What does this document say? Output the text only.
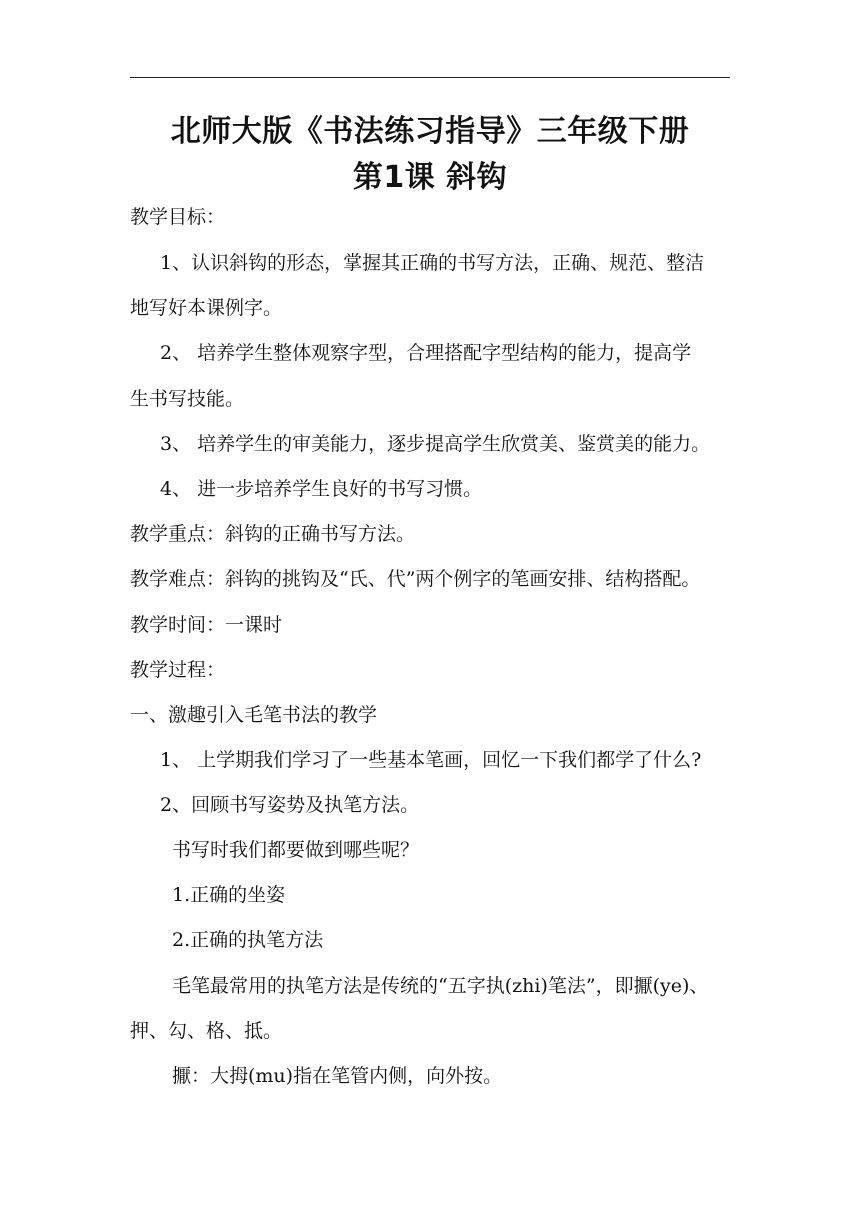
北师大版《书法练习指导》三年级下册
第1课 斜钩
教学目标：
1、认识斜钩的形态，掌握其正确的书写方法，正确、规范、整洁
地写好本课例字。
2、 培养学生整体观察字型，合理搭配字型结构的能力，提高学
生书写技能。
3、 培养学生的审美能力，逐步提高学生欣赏美、鉴赏美的能力。
4、 进一步培养学生良好的书写习惯。
教学重点：斜钩的正确书写方法。
教学难点：斜钩的挑钩及“氏、代”两个例字的笔画安排、结构搭配。
教学时间：一课时
教学过程：
一、激趣引入毛笔书法的教学
1、 上学期我们学习了一些基本笔画，回忆一下我们都学了什么?
2、回顾书写姿势及执笔方法。
书写时我们都要做到哪些呢？
1.正确的坐姿
2.正确的执笔方法
毛笔最常用的执笔方法是传统的“五字执(zhi)笔法”，即擫(ye)、
押、勾、格、抵。
擫：大拇(mu)指在笔管内侧，向外按。
